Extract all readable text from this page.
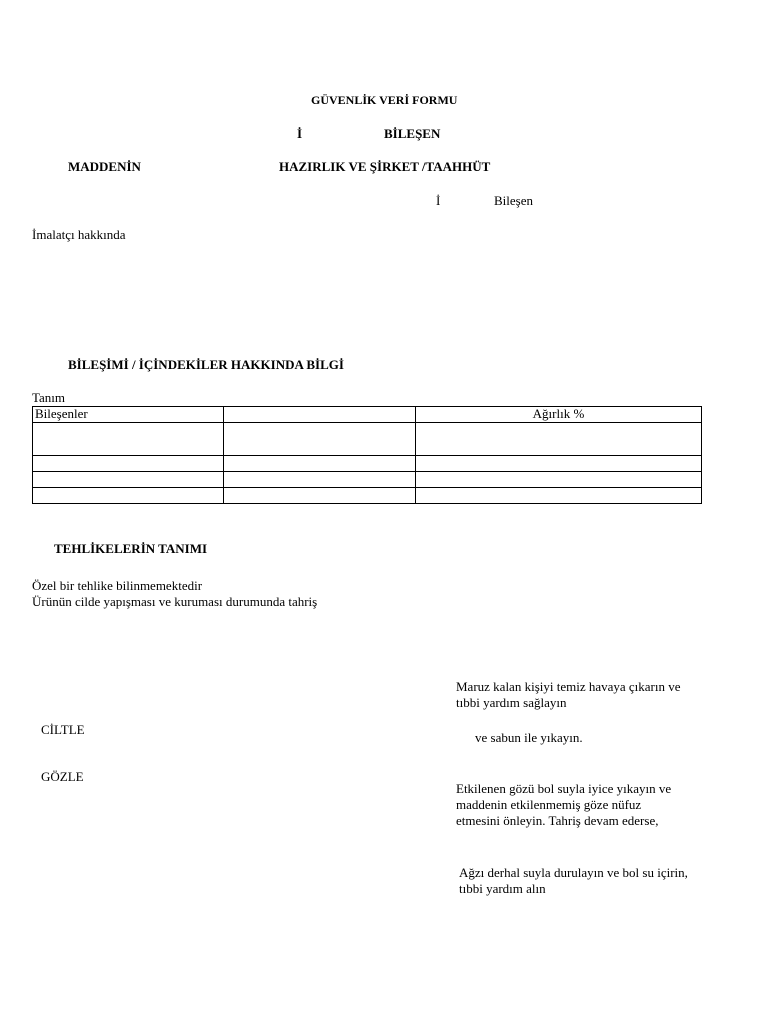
GÜVENLİK VERİ FORMU
İ	BİLEŞEN
MADDENİN	HAZIRLIK VE ŞİRKET /TAAHHÜT
İ	Bileşen
İmalatçı hakkında
BİLEŞİMİ / İÇİNDEKİLER HAKKINDA BİLGİ
Tanım
Bileşenler		Ağırlık %

TEHLİKELERİN TANIMI
Özel bir tehlike bilinmemektedir
Ürünün cilde yapışması ve kuruması durumunda tahriş
Maruz kalan kişiyi temiz havaya çıkarın ve
tıbbi yardım sağlayın
CİLTLE
ve sabun ile yıkayın.
GÖZLE
Etkilenen gözü bol suyla iyice yıkayın ve
maddenin etkilenmemiş göze nüfuz
etmesini önleyin. Tahriş devam ederse,
Ağzı derhal suyla durulayın ve bol su içirin,
tıbbi yardım alın
